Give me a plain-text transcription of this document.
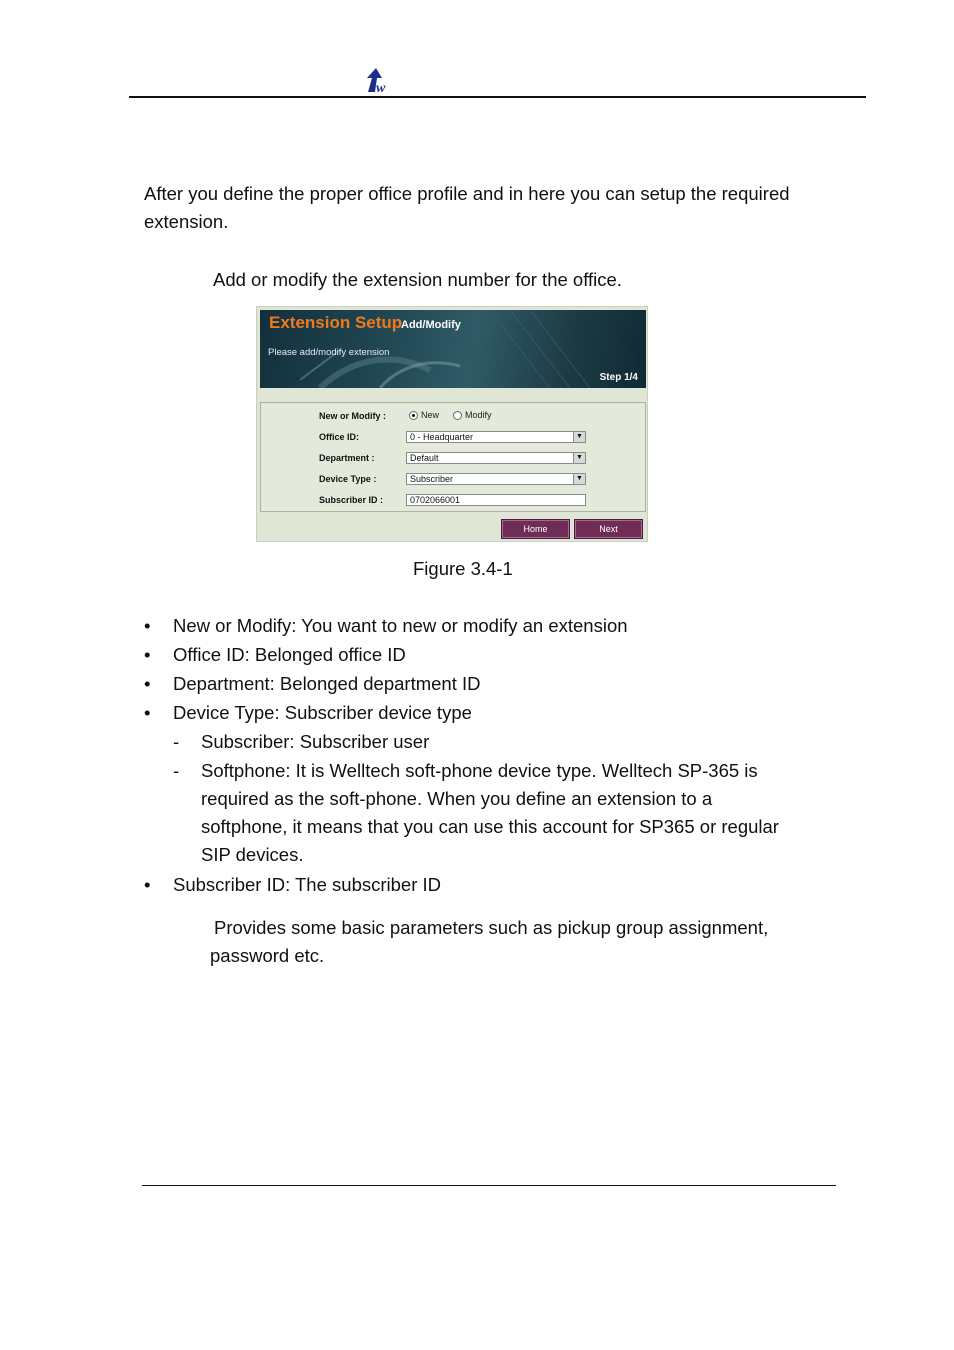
w
After you define the proper office profile and in here you can setup the required extension.
Add or modify the extension number for the office.
Extension Setup
Add/Modify
Please add/modify extension
Step 1/4
New or Modify :	New	Modify
Office ID:	0 - Headquarter	▼
Department :	Default	▼
Device Type :	Subscriber	▼
Subscriber ID :	0702066001
Home	Next
Figure 3.4-1
• New or Modify: You want to new or modify an extension
• Office ID: Belonged office ID
• Department: Belonged department ID
• Device Type: Subscriber device type
- Subscriber: Subscriber user
- Softphone: It is Welltech soft-phone device type. Welltech SP-365 is
required as the soft-phone. When you define an extension to a
softphone, it means that you can use this account for SP365 or regular
SIP devices.
• Subscriber ID: The subscriber ID
Provides some basic parameters such as pickup group assignment,
password etc.
